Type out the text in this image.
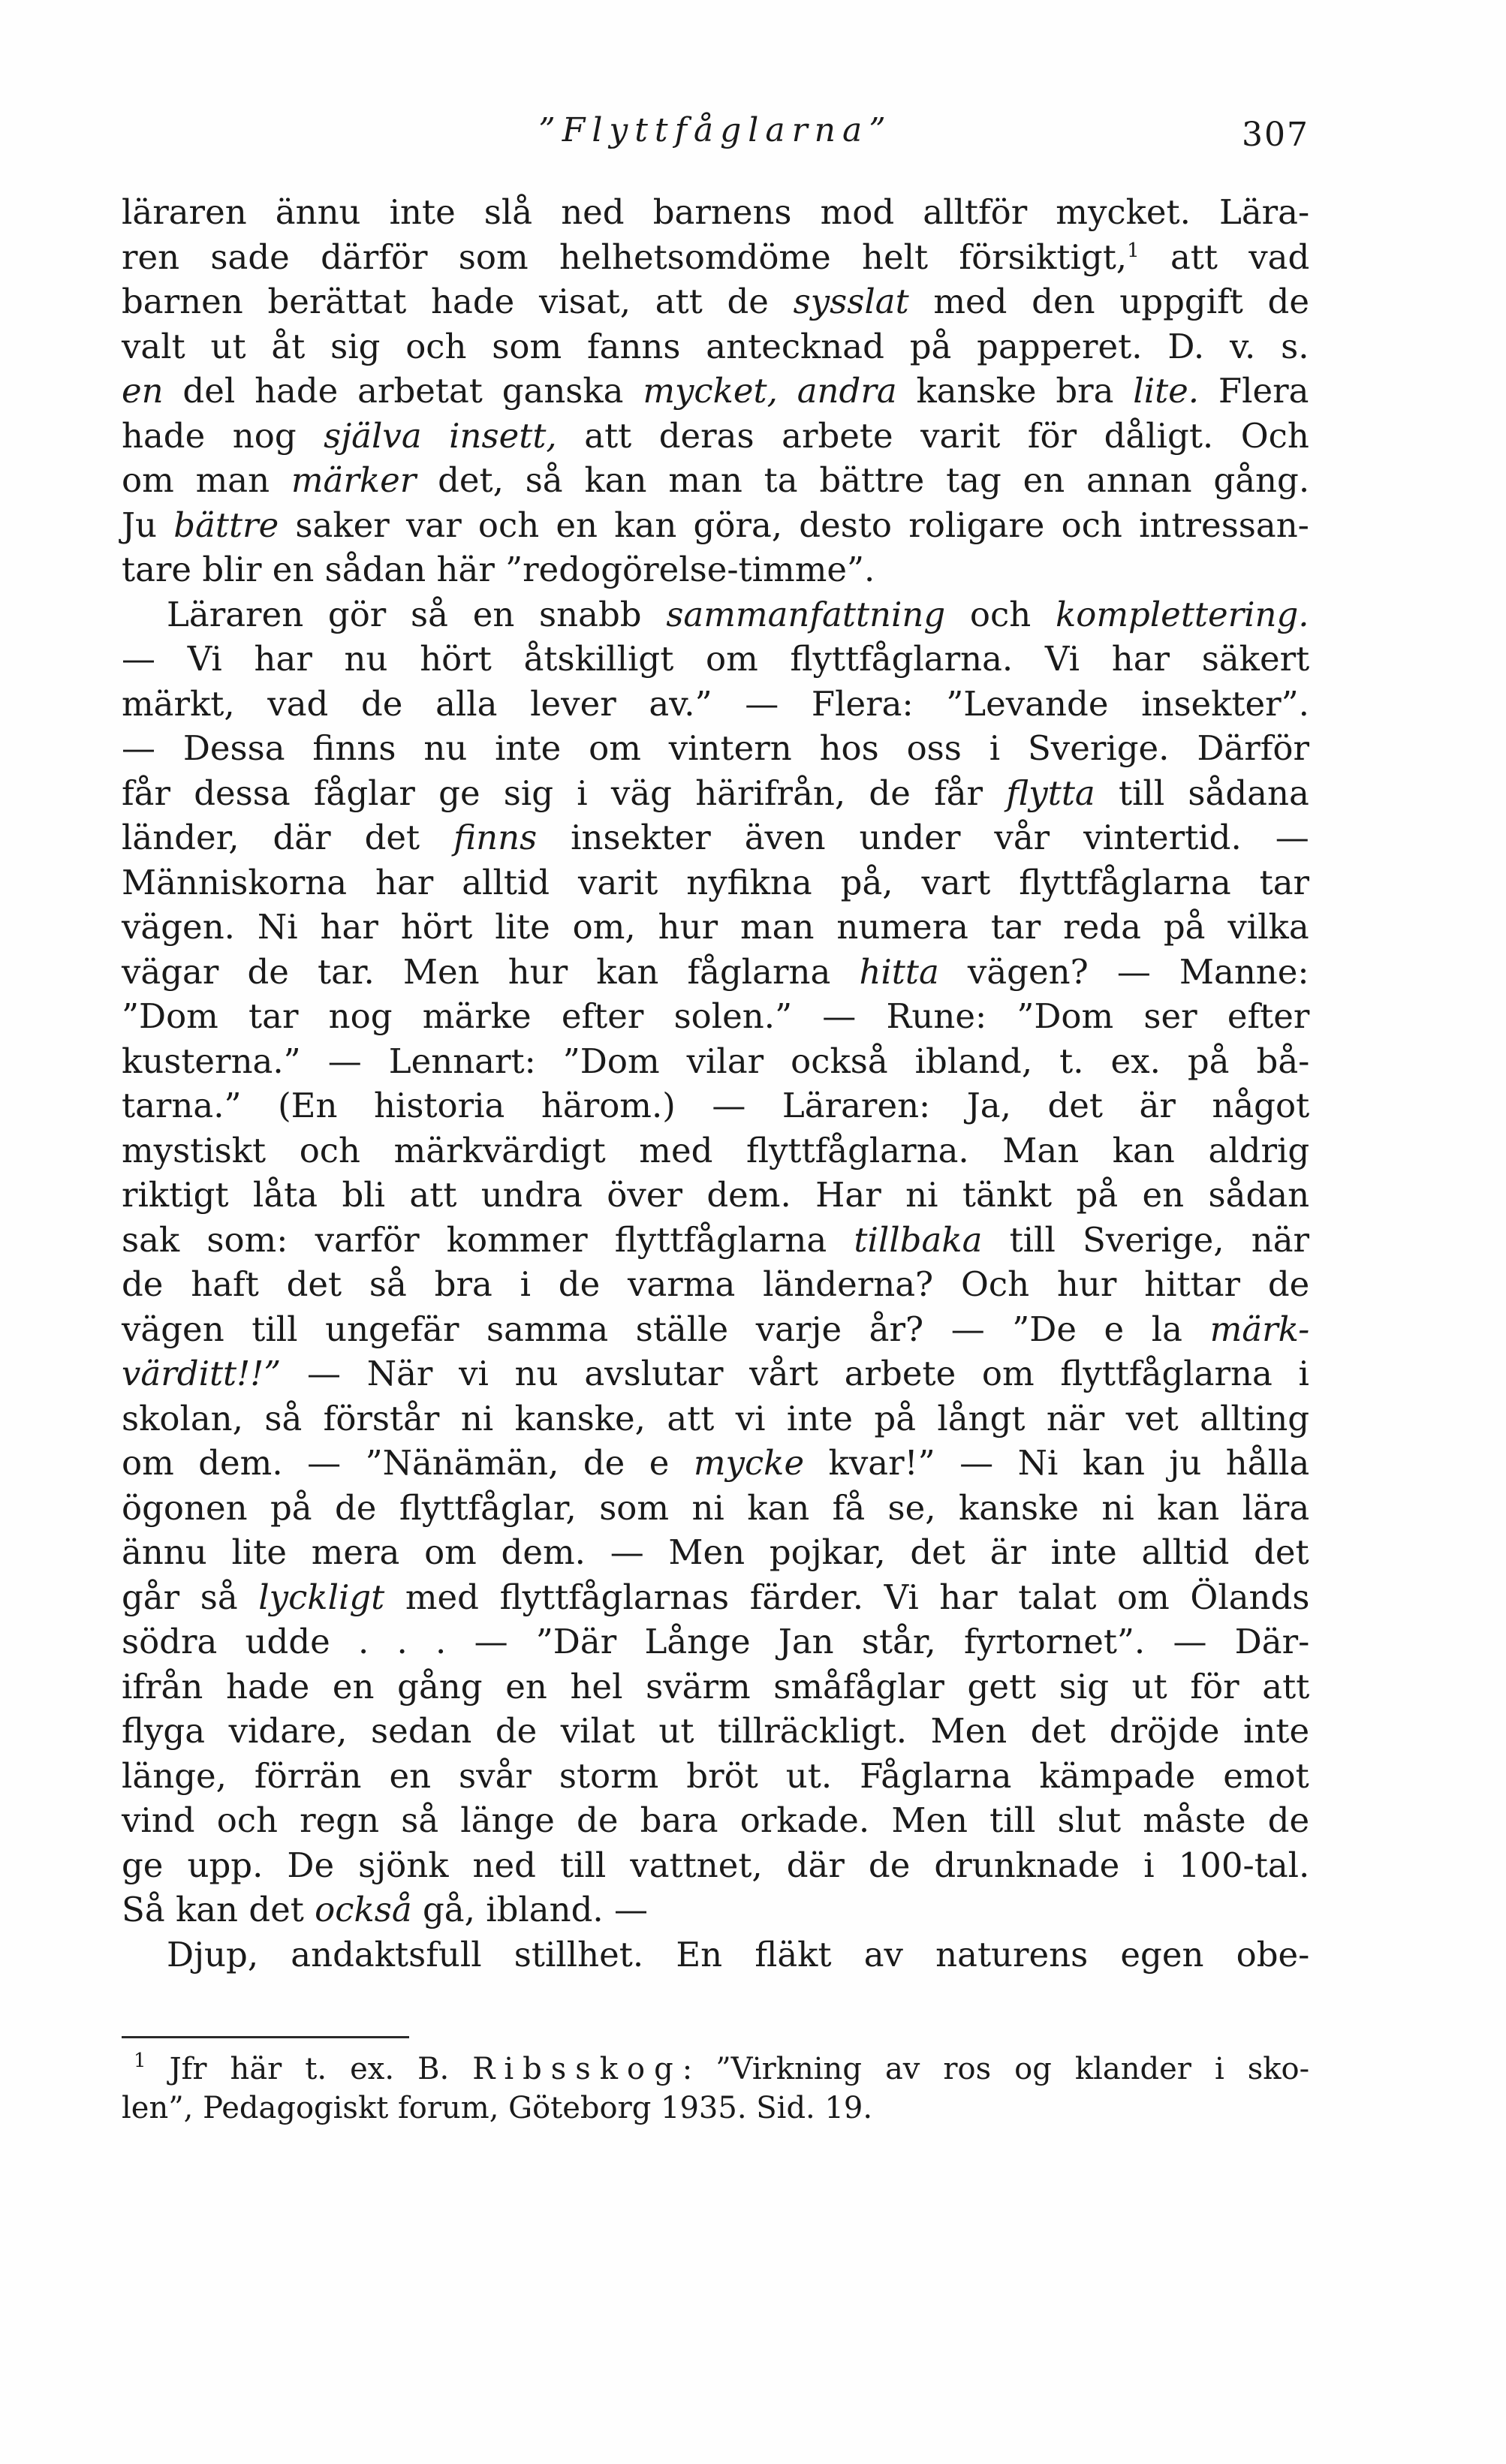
”Flyttfåglarna”	307
läraren ännu inte slå ned barnens mod alltför mycket. Lära-
ren sade därför som helhetsomdöme helt försiktigt,$^1$ att vad
barnen berättat hade visat, att de sysslat med den uppgift de
valt ut åt sig och som fanns antecknad på papperet. D. v. s.
en del hade arbetat ganska mycket, andra kanske bra lite. Flera
hade nog själva insett, att deras arbete varit för dåligt. Och
om man märker det, så kan man ta bättre tag en annan gång.
Ju bättre saker var och en kan göra, desto roligare och intressan-
tare blir en sådan här ”redogörelse-timme”.
Läraren gör så en snabb sammanfattning och komplettering.
— Vi har nu hört åtskilligt om flyttfåglarna. Vi har säkert
märkt, vad de alla lever av.” — Flera: ”Levande insekter”.
— Dessa finns nu inte om vintern hos oss i Sverige. Därför
får dessa fåglar ge sig i väg härifrån, de får flytta till sådana
länder, där det finns insekter även under vår vintertid. —
Människorna har alltid varit nyfikna på, vart flyttfåglarna tar
vägen. Ni har hört lite om, hur man numera tar reda på vilka
vägar de tar. Men hur kan fåglarna hitta vägen? — Manne:
”Dom tar nog märke efter solen.” — Rune: ”Dom ser efter
kusterna.” — Lennart: ”Dom vilar också ibland, t. ex. på bå-
tarna.” (En historia härom.) — Läraren: Ja, det är något
mystiskt och märkvärdigt med flyttfåglarna. Man kan aldrig
riktigt låta bli att undra över dem. Har ni tänkt på en sådan
sak som: varför kommer flyttfåglarna tillbaka till Sverige, när
de haft det så bra i de varma länderna? Och hur hittar de
vägen till ungefär samma ställe varje år? — ”De e la märk-
värditt!!” — När vi nu avslutar vårt arbete om flyttfåglarna i
skolan, så förstår ni kanske, att vi inte på långt när vet allting
om dem. — ”Nänämän, de e mycke kvar!” — Ni kan ju hålla
ögonen på de flyttfåglar, som ni kan få se, kanske ni kan lära
ännu lite mera om dem. — Men pojkar, det är inte alltid det
går så lyckligt med flyttfåglarnas färder. Vi har talat om Ölands
södra udde . . . — ”Där Långe Jan står, fyrtornet”. — Där-
ifrån hade en gång en hel svärm småfåglar gett sig ut för att
flyga vidare, sedan de vilat ut tillräckligt. Men det dröjde inte
länge, förrän en svår storm bröt ut. Fåglarna kämpade emot
vind och regn så länge de bara orkade. Men till slut måste de
ge upp. De sjönk ned till vattnet, där de drunknade i 100-tal.
Så kan det också gå, ibland. —
Djup, andaktsfull stillhet. En fläkt av naturens egen obe-
$^1$ Jfr här t. ex. B. Ribsskog: ”Virkning av ros og klander i sko-
len”, Pedagogiskt forum, Göteborg 1935. Sid. 19.
